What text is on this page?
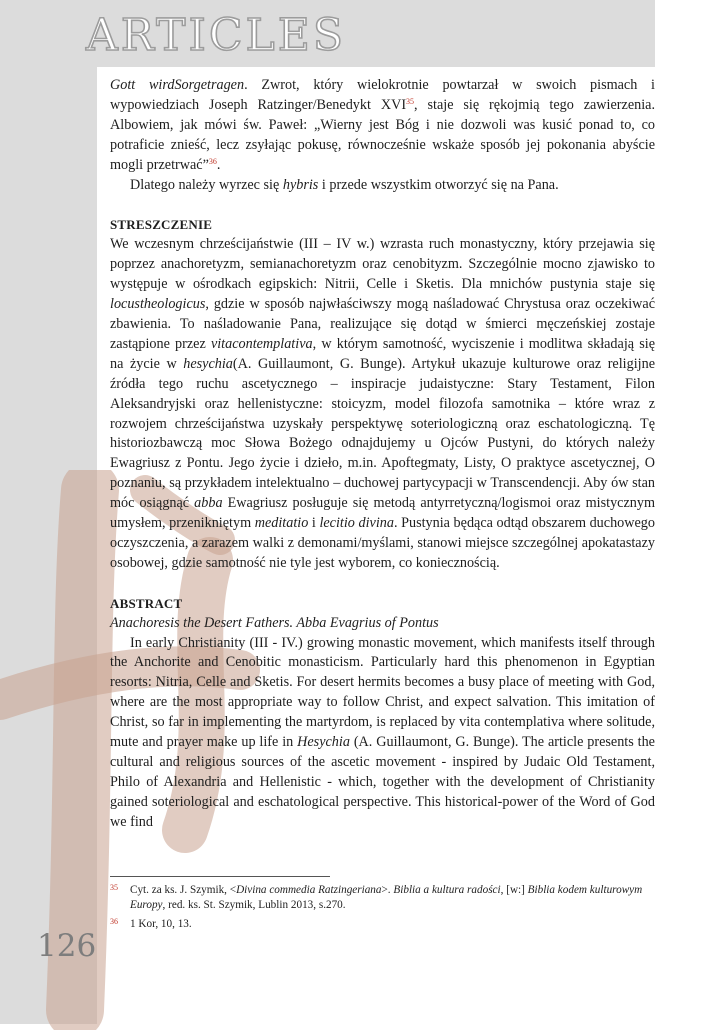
ARTICLES

Gott wirdSorgetragen. Zwrot, który wielokrotnie powtarzał w swoich pismach i wypowiedziach Joseph Ratzinger/Benedykt XVI$^{35}$, staje się rękojmią tego zawierzenia. Albowiem, jak mówi św. Paweł: „Wierny jest Bóg i nie dozwoli was kusić ponad to, co potraficie znieść, lecz zsyłając pokusę, równocześnie wskaże sposób jej pokonania abyście mogli przetrwać”$^{36}$.

Dlatego należy wyrzec się hybris i przede wszystkim otworzyć się na Pana.

STRESZCZENIE

We wczesnym chrześcijaństwie (III – IV w.) wzrasta ruch monastyczny, który przejawia się poprzez anachoretyzm, semianachoretyzm oraz cenobityzm. Szczególnie mocno zjawisko to występuje w ośrodkach egipskich: Nitrii, Celle i Sketis. Dla mnichów pustynia staje się locustheologicus, gdzie w sposób najwłaściwszy mogą naśladować Chrystusa oraz oczekiwać zbawienia. To naśladowanie Pana, realizujące się dotąd w śmierci męczeńskiej zostaje zastąpione przez vitacontemplativa, w którym samotność, wyciszenie i modlitwa składają się na życie w hesychia(A. Guillaumont, G. Bunge). Artykuł ukazuje kulturowe oraz religijne źródła tego ruchu ascetycznego – inspiracje judaistyczne: Stary Testament, Filon Aleksandryjski oraz hellenistyczne: stoicyzm, model filozofa samotnika – które wraz z rozwojem chrześcijaństwa uzyskały perspektywę soteriologiczną oraz eschatologiczną. Tę historiozbawczą moc Słowa Bożego odnajdujemy u Ojców Pustyni, do których należy Ewagriusz z Pontu. Jego życie i dzieło, m.in. Apoftegmaty, Listy, O praktyce ascetycznej, O poznaniu, są przykładem intelektualno – duchowej partycypacji w Transcendencji. Aby ów stan móc osiągnąć abba Ewagriusz posługuje się metodą antyrretyczną/logismoi oraz mistycznym umysłem, przenikniętym meditatio i lecitio divina. Pustynia będąca odtąd obszarem duchowego oczyszczenia, a zarazem walki z demonami/myślami, stanowi miejsce szczególnej apokatastazy osobowej, gdzie samotność nie tyle jest wyborem, co koniecznością.

ABSTRACT

Anachoresis the Desert Fathers. Abba Evagrius of Pontus

In early Christianity (III - IV.) growing monastic movement, which manifests itself through the Anchorite and Cenobitic monasticism. Particularly hard this phenomenon in Egyptian resorts: Nitria, Celle and Sketis. For desert hermits becomes a busy place of meeting with God, where are the most appropriate way to follow Christ, and expect salvation. This imitation of Christ, so far in implementing the martyrdom, is replaced by vita contemplativa where solitude, mute and prayer make up life in Hesychia (A. Guillaumont, G. Bunge). The article presents the cultural and religious sources of the ascetic movement - inspired by Judaic Old Testament, Philo of Alexandria and Hellenistic - which, together with the development of Christianity gained soteriological and eschatological perspective. This historical-power of the Word of God we find

35	Cyt. za ks. J. Szymik, <Divina commedia Ratzingeriana>. Biblia a kultura radości, [w:] Biblia kodem kulturowym Europy, red. ks. St. Szymik, Lublin 2013, s.270.
36	1 Kor, 10, 13.
126
